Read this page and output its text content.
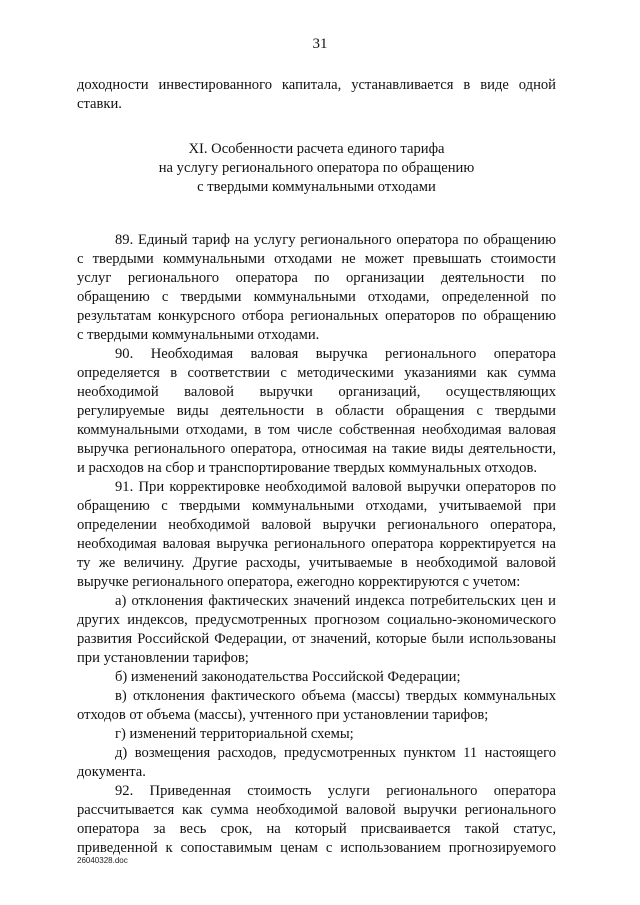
31

доходности инвестированного капитала, устанавливается в виде одной
ставки.

XI. Особенности расчета единого тарифа
на услугу регионального оператора по обращению
с твердыми коммунальными отходами

89. Единый тариф на услугу регионального оператора по обращению
с твердыми коммунальными отходами не может превышать стоимости
услуг регионального оператора по организации деятельности по
обращению с твердыми коммунальными отходами, определенной по
результатам конкурсного отбора региональных операторов по обращению
с твердыми коммунальными отходами.

90. Необходимая валовая выручка регионального оператора
определяется в соответствии с методическими указаниями как сумма
необходимой валовой выручки организаций, осуществляющих
регулируемые виды деятельности в области обращения с твердыми
коммунальными отходами, в том числе собственная необходимая валовая
выручка регионального оператора, относимая на такие виды деятельности,
и расходов на сбор и транспортирование твердых коммунальных отходов.

91. При корректировке необходимой валовой выручки операторов по
обращению с твердыми коммунальными отходами, учитываемой при
определении необходимой валовой выручки регионального оператора,
необходимая валовая выручка регионального оператора корректируется на
ту же величину. Другие расходы, учитываемые в необходимой валовой
выручке регионального оператора, ежегодно корректируются с учетом:

а) отклонения фактических значений индекса потребительских цен и
других индексов, предусмотренных прогнозом социально-экономического
развития Российской Федерации, от значений, которые были использованы
при установлении тарифов;

б) изменений законодательства Российской Федерации;

в) отклонения фактического объема (массы) твердых коммунальных
отходов от объема (массы), учтенного при установлении тарифов;

г) изменений территориальной схемы;

д) возмещения расходов, предусмотренных пунктом 11 настоящего
документа.

92. Приведенная стоимость услуги регионального оператора
рассчитывается как сумма необходимой валовой выручки регионального
оператора за весь срок, на который присваивается такой статус,
приведенной к сопоставимым ценам с использованием прогнозируемого

26040328.doc
